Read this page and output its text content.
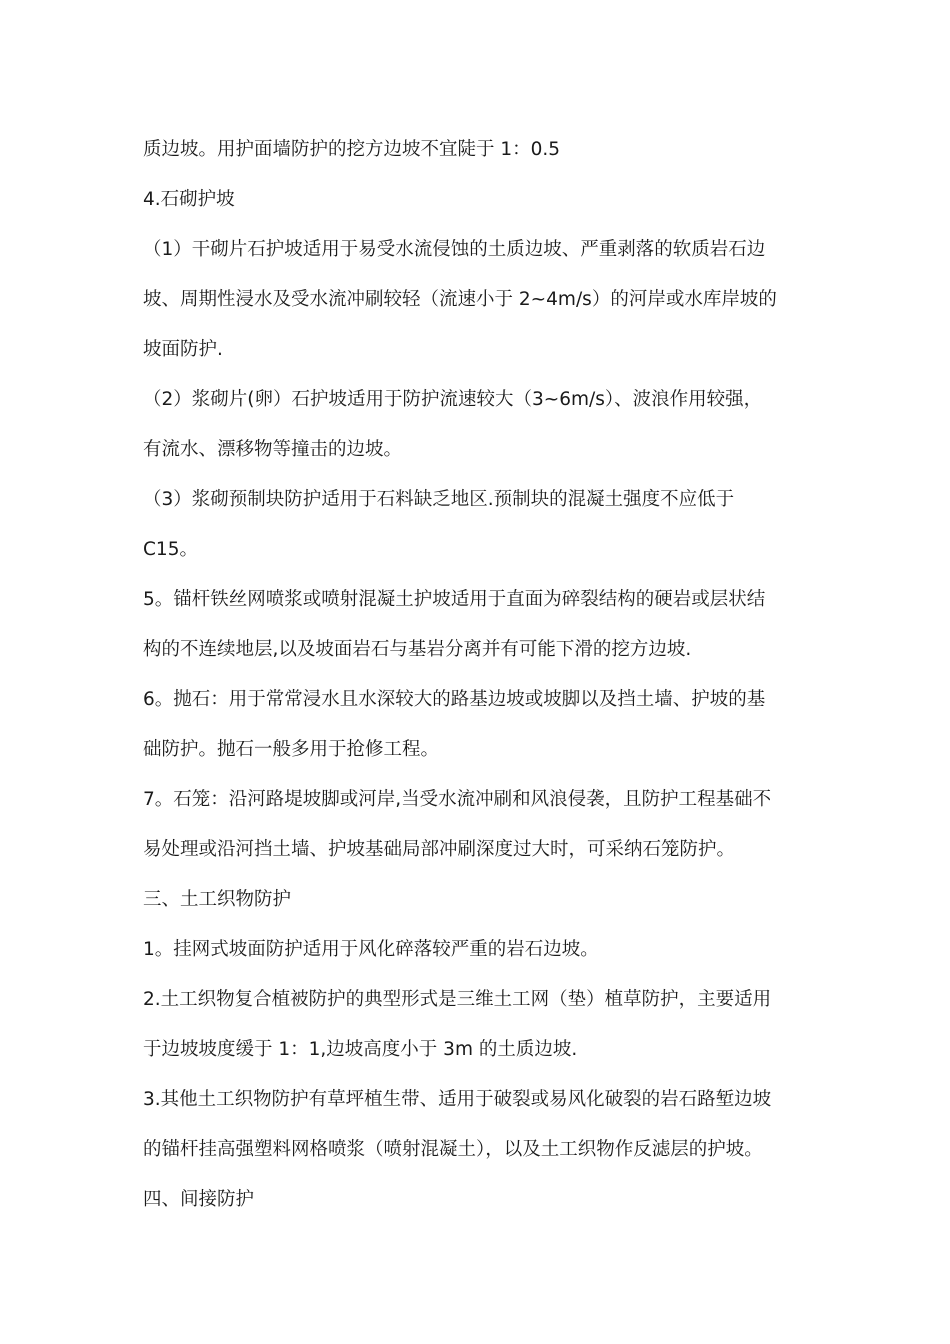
质边坡。用护面墙防护的挖方边坡不宜陡于 1：0.5
4.石砌护坡
（1）干砌片石护坡适用于易受水流侵蚀的土质边坡、严重剥落的软质岩石边
坡、周期性浸水及受水流冲刷较轻（流速小于 2~4m/s）的河岸或水库岸坡的
坡面防护.
（2）浆砌片(卵）石护坡适用于防护流速较大（3~6m/s）、波浪作用较强，
有流水、漂移物等撞击的边坡。
（3）浆砌预制块防护适用于石料缺乏地区.预制块的混凝土强度不应低于
C15。
5。锚杆铁丝网喷浆或喷射混凝土护坡适用于直面为碎裂结构的硬岩或层状结
构的不连续地层,以及坡面岩石与基岩分离并有可能下滑的挖方边坡.
6。抛石：用于常常浸水且水深较大的路基边坡或坡脚以及挡土墙、护坡的基
础防护。抛石一般多用于抢修工程。
7。石笼：沿河路堤坡脚或河岸,当受水流冲刷和风浪侵袭，且防护工程基础不
易处理或沿河挡土墙、护坡基础局部冲刷深度过大时，可采纳石笼防护。
三、土工织物防护
1。挂网式坡面防护适用于风化碎落较严重的岩石边坡。
2.土工织物复合植被防护的典型形式是三维土工网（垫）植草防护，主要适用
于边坡坡度缓于 1：1,边坡高度小于 3m 的土质边坡.
3.其他土工织物防护有草坪植生带、适用于破裂或易风化破裂的岩石路堑边坡
的锚杆挂高强塑料网格喷浆（喷射混凝土），以及土工织物作反滤层的护坡。
四、间接防护
